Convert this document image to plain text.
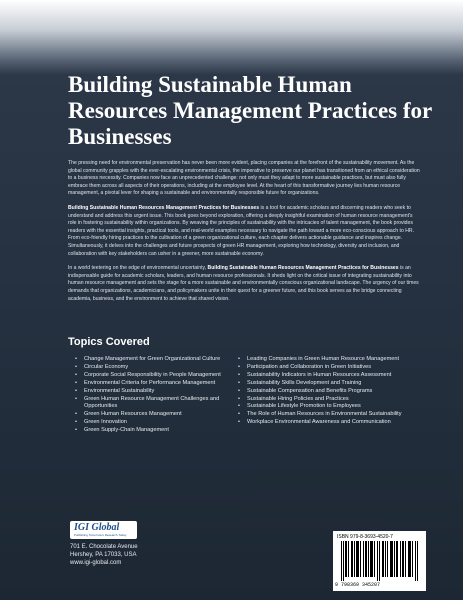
Building Sustainable Human Resources Management Practices for Businesses

The pressing need for environmental preservation has never been more evident, placing companies at the forefront of the sustainability movement. As the global community grapples with the ever-escalating environmental crisis, the imperative to preserve our planet has transitioned from an ethical consideration to a business necessity. Companies now face an unprecedented challenge: not only must they adapt to more sustainable practices, but must also fully embrace them across all aspects of their operations, including at the employee level. At the heart of this transformative journey lies human resource management, a pivotal lever for shaping a sustainable and environmentally responsible future for organizations.

Building Sustainable Human Resources Management Practices for Businesses is a tool for academic scholars and discerning readers who seek to understand and address this urgent issue. This book goes beyond exploration, offering a deeply insightful examination of human resource management's role in fostering sustainability within organizations. By weaving the principles of sustainability with the intricacies of talent management, the book provides readers with the essential insights, practical tools, and real-world examples necessary to navigate the path toward a more eco-conscious approach to HR. From eco-friendly hiring practices to the cultivation of a green organizational culture, each chapter delivers actionable guidance and inspires change. Simultaneously, it delves into the challenges and future prospects of green HR management, exploring how technology, diversity and inclusion, and collaboration with key stakeholders can usher in a greener, more sustainable economy.

In a world teetering on the edge of environmental uncertainty, Building Sustainable Human Resources Management Practices for Businesses is an indispensable guide for academic scholars, leaders, and human resource professionals. It sheds light on the critical issue of integrating sustainability into human resource management and sets the stage for a more sustainable and environmentally conscious organizational landscape. The urgency of our times demands that organizations, academicians, and policymakers unite in their quest for a greener future, and this book serves as the bridge connecting academia, business, and the environment to achieve that shared vision.

Topics Covered
• Change Management for Green Organizational Culture
• Circular Economy
• Corporate Social Responsibility in People Management
• Environmental Criteria for Performance Management
• Environmental Sustainability
• Green Human Resource Management Challenges and Opportunities
• Green Human Resources Management
• Green Innovation
• Green Supply-Chain Management
• Leading Companies in Green Human Resource Management
• Participation and Collaboration in Green Initiatives
• Sustainability Indicators in Human Resources Assessment
• Sustainability Skills Development and Training
• Sustainable Compensation and Benefits Programs
• Sustainable Hiring Policies and Practices
• Sustainable Lifestyle Promotion to Employees
• The Role of Human Resources in Environmental Sustainability
• Workplace Environmental Awareness and Communication
IGI Global
Publishing Tomorrow's Research Today
701 E. Chocolate Avenue
Hershey, PA 17033, USA
www.igi-global.com
ISBN 979-8-3693-4520-7
9 798369 345207
